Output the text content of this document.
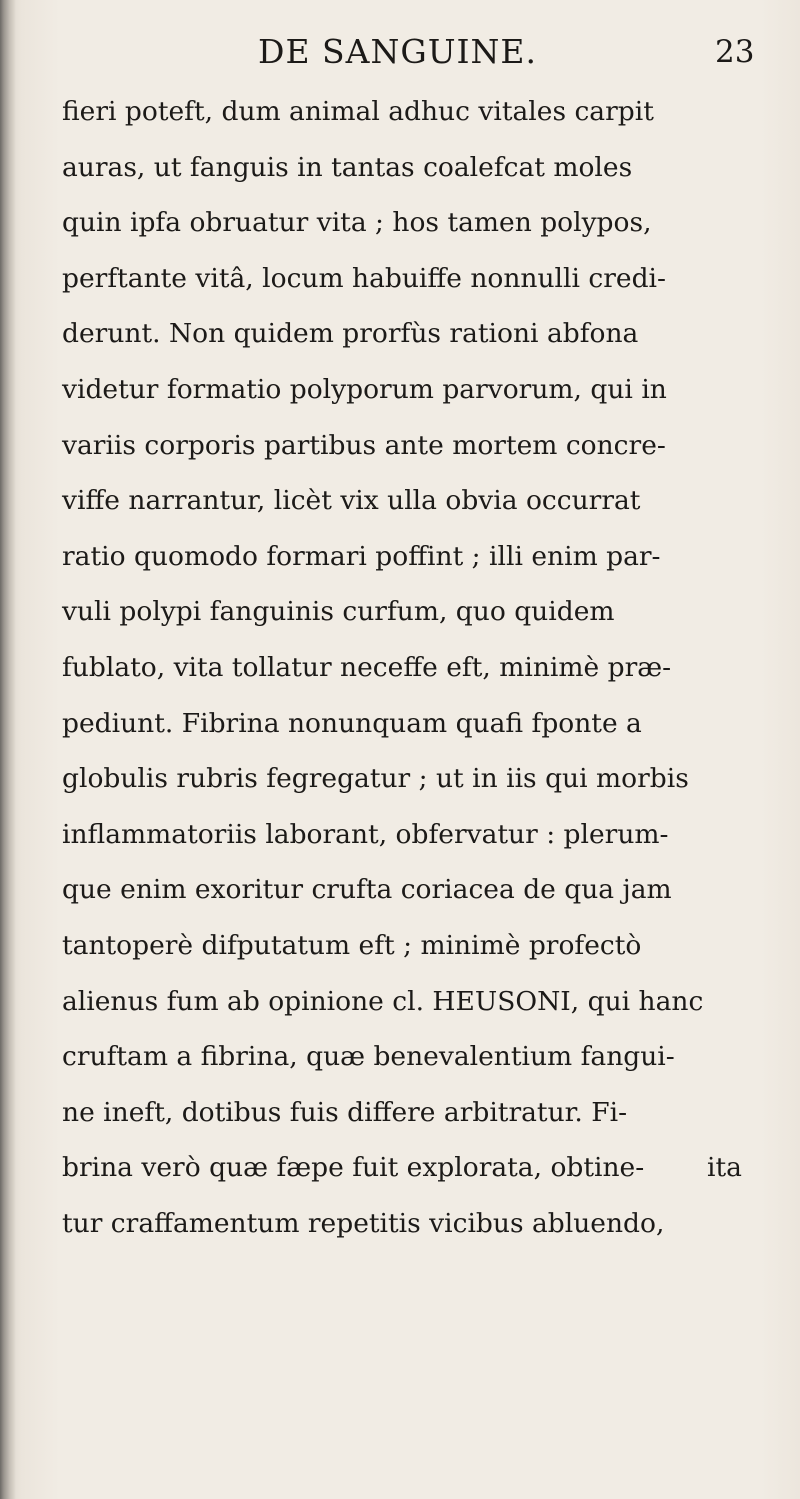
DE SANGUINE.	23
fieri poteft, dum animal adhuc vitales carpit
auras, ut fanguis in tantas coalefcat moles
quin ipfa obruatur vita ; hos tamen polypos,
perftante vitâ, locum habuiffe nonnulli credi-
derunt. Non quidem prorfùs rationi abfona
videtur formatio polyporum parvorum, qui in
variis corporis partibus ante mortem concre-
viffe narrantur, licèt vix ulla obvia occurrat
ratio quomodo formari poffint ; illi enim par-
vuli polypi fanguinis curfum, quo quidem
fublato, vita tollatur neceffe eft, minimè præ-
pediunt. Fibrina nonunquam quafi fponte a
globulis rubris fegregatur ; ut in iis qui morbis
inflammatoriis laborant, obfervatur : plerum-
que enim exoritur crufta coriacea de qua jam
tantoperè difputatum eft ; minimè profectò
alienus fum ab opinione cl. HEUSONI, qui hanc
cruftam a fibrina, quæ benevalentium fangui-
ne ineft, dotibus fuis differe arbitratur. Fi-
brina verò quæ fæpe fuit explorata, obtine-
tur craffamentum repetitis vicibus abluendo,
ita
